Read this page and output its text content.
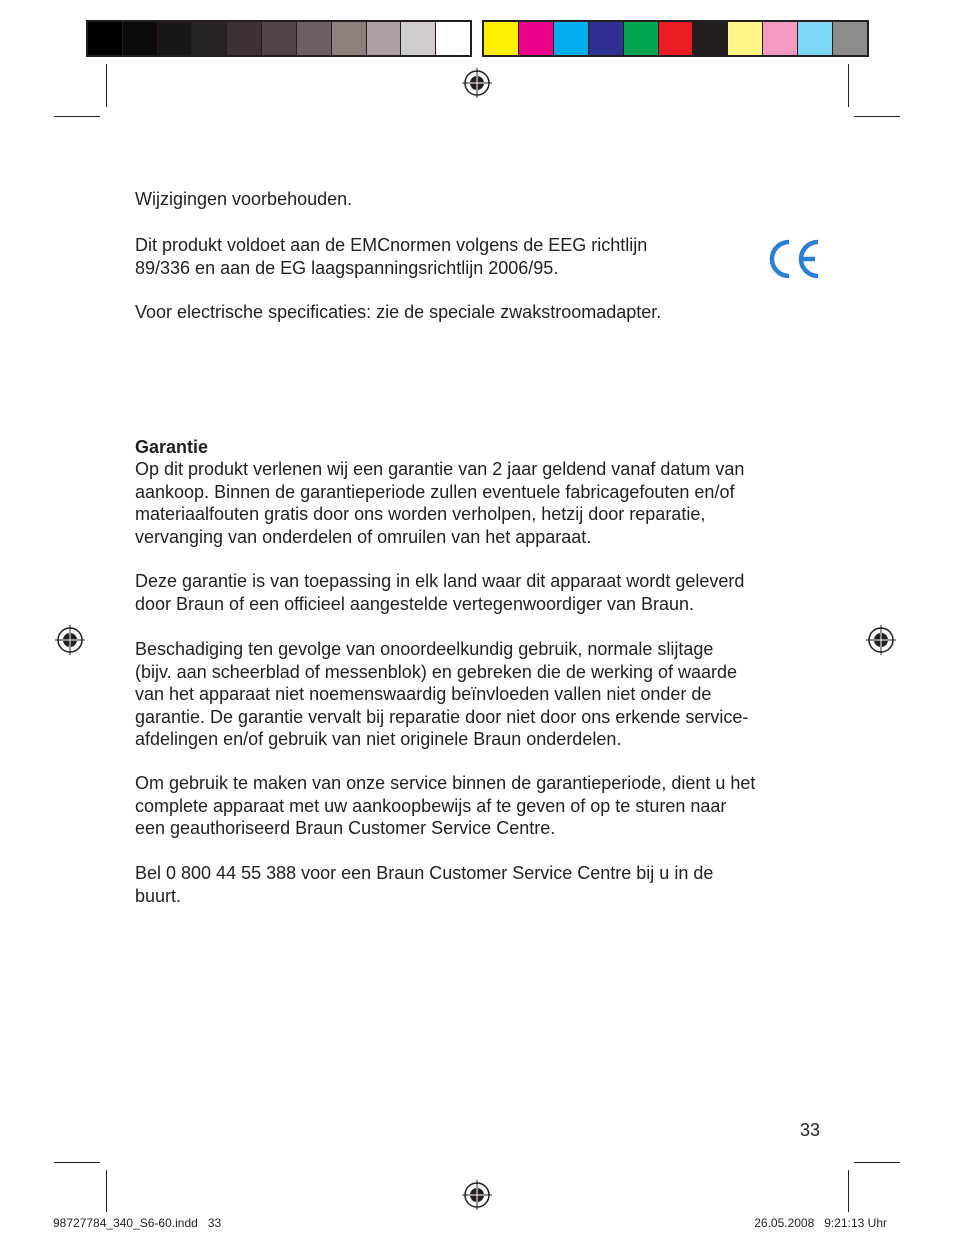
Wijzigingen voorbehouden.
Dit produkt voldoet aan de EMCnormen volgens de EEG richtlijn
89/336 en aan de EG laagspanningsrichtlijn 2006/95.
Voor electrische specificaties: zie de speciale zwakstroomadapter.
Garantie
Op dit produkt verlenen wij een garantie van 2 jaar geldend vanaf datum van
aankoop. Binnen de garantieperiode zullen eventuele fabricagefouten en/of
materiaalfouten gratis door ons worden verholpen, hetzij door reparatie,
vervanging van onderdelen of omruilen van het apparaat.
Deze garantie is van toepassing in elk land waar dit apparaat wordt geleverd
door Braun of een officieel aangestelde vertegenwoordiger van Braun.
Beschadiging ten gevolge van onoordeelkundig gebruik, normale slijtage
(bijv. aan scheerblad of messenblok) en gebreken die de werking of waarde
van het apparaat niet noemenswaardig beïnvloeden vallen niet onder de
garantie. De garantie vervalt bij reparatie door niet door ons erkende service-
afdelingen en/of gebruik van niet originele Braun onderdelen.
Om gebruik te maken van onze service binnen de garantieperiode, dient u het
complete apparaat met uw aankoopbewijs af te geven of op te sturen naar
een geauthoriseerd Braun Customer Service Centre.
Bel 0 800 44 55 388 voor een Braun Customer Service Centre bij u in de
buurt.
33
98727784_340_S6-60.indd   33	26.05.2008   9:21:13 Uhr
